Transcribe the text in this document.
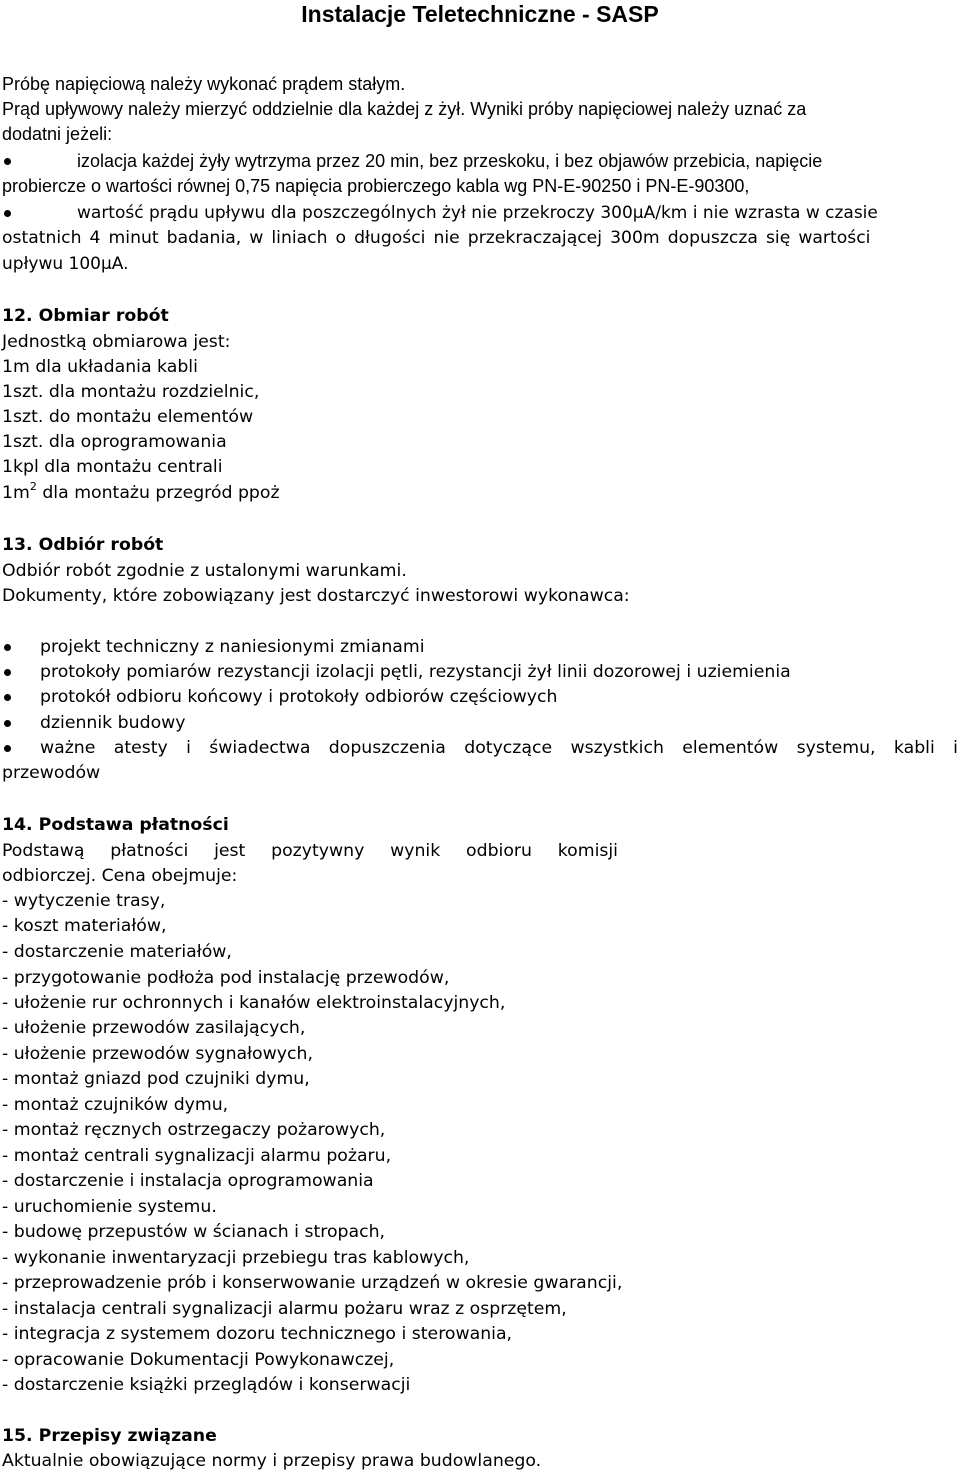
Instalacje Teletechniczne - SASP
Próbę napięciową należy wykonać prądem stałym.
Prąd upływowy należy mierzyć oddzielnie dla każdej z żył. Wyniki próby napięciowej należy uznać za
dodatni jeżeli:
izolacja każdej żyły wytrzyma przez 20 min, bez przeskoku, i bez objawów przebicia, napięcie
probiercze o wartości równej 0,75 napięcia probierczego kabla wg PN-E-90250 i PN-E-90300,
wartość prądu upływu dla poszczególnych żył nie przekroczy 300μA/km i nie wzrasta w czasie
ostatnich 4 minut badania, w liniach o długości nie przekraczającej 300m dopuszcza się wartości
upływu 100μA.
12. Obmiar robót
Jednostką obmiarowa jest:
1m dla układania kabli
1szt. dla montażu rozdzielnic,
1szt. do montażu elementów
1szt. dla oprogramowania
1kpl dla montażu centrali
$1m^2$ dla montażu przegród ppoż
13. Odbiór robót
Odbiór robót zgodnie z ustalonymi warunkami.
Dokumenty, które zobowiązany jest dostarczyć inwestorowi wykonawca:
projekt techniczny z naniesionymi zmianami
protokoły pomiarów rezystancji izolacji pętli, rezystancji żył linii dozorowej i uziemienia
protokół odbioru końcowy i protokoły odbiorów częściowych
dziennik budowy
ważne atesty i świadectwa dopuszczenia dotyczące wszystkich elementów systemu, kabli i
przewodów
14. Podstawa płatności
Podstawą płatności jest pozytywny wynik odbioru komisji
odbiorczej. Cena obejmuje:
- wytyczenie trasy,
- koszt materiałów,
- dostarczenie materiałów,
- przygotowanie podłoża pod instalację przewodów,
- ułożenie rur ochronnych i kanałów elektroinstalacyjnych,
- ułożenie przewodów zasilających,
- ułożenie przewodów sygnałowych,
- montaż gniazd pod czujniki dymu,
- montaż czujników dymu,
- montaż ręcznych ostrzegaczy pożarowych,
- montaż centrali sygnalizacji alarmu pożaru,
- dostarczenie i instalacja oprogramowania
- uruchomienie systemu.
- budowę przepustów w ścianach i stropach,
- wykonanie inwentaryzacji przebiegu tras kablowych,
- przeprowadzenie prób i konserwowanie urządzeń w okresie gwarancji,
- instalacja centrali sygnalizacji alarmu pożaru wraz z osprzętem,
- integracja z systemem dozoru technicznego i sterowania,
- opracowanie Dokumentacji Powykonawczej,
- dostarczenie książki przeglądów i konserwacji
15. Przepisy związane
Aktualnie obowiązujące normy i przepisy prawa budowlanego.
